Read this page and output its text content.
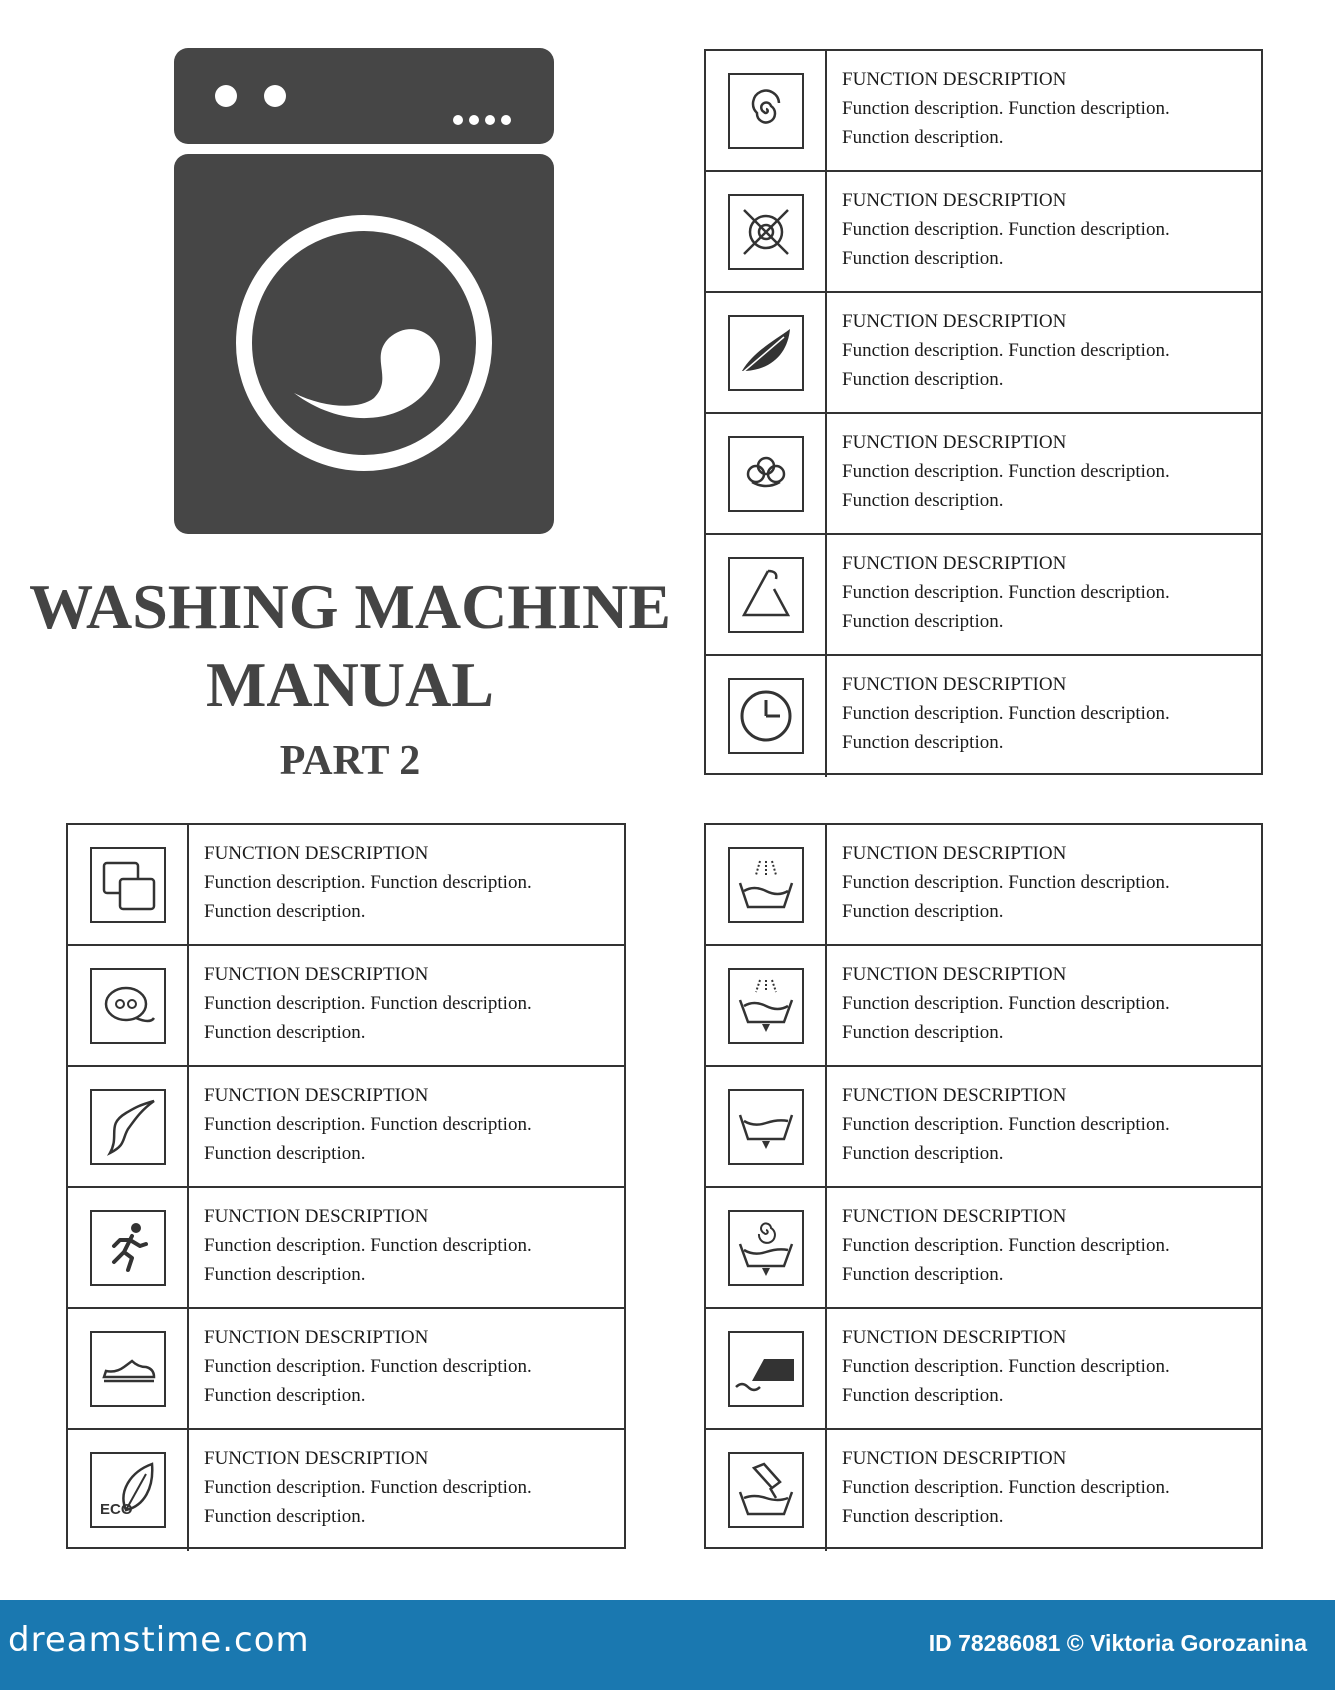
WASHING MACHINE
MANUAL
PART 2
FUNCTION DESCRIPTION
Function description. Function description.
Function description.
FUNCTION DESCRIPTION
Function description. Function description.
Function description.
FUNCTION DESCRIPTION
Function description. Function description.
Function description.
FUNCTION DESCRIPTION
Function description. Function description.
Function description.
FUNCTION DESCRIPTION
Function description. Function description.
Function description.
FUNCTION DESCRIPTION
Function description. Function description.
Function description.
FUNCTION DESCRIPTION
Function description. Function description.
Function description.
FUNCTION DESCRIPTION
Function description. Function description.
Function description.
FUNCTION DESCRIPTION
Function description. Function description.
Function description.
FUNCTION DESCRIPTION
Function description. Function description.
Function description.
FUNCTION DESCRIPTION
Function description. Function description.
Function description.
ECO
FUNCTION DESCRIPTION
Function description. Function description.
Function description.
FUNCTION DESCRIPTION
Function description. Function description.
Function description.
FUNCTION DESCRIPTION
Function description. Function description.
Function description.
FUNCTION DESCRIPTION
Function description. Function description.
Function description.
FUNCTION DESCRIPTION
Function description. Function description.
Function description.
FUNCTION DESCRIPTION
Function description. Function description.
Function description.
FUNCTION DESCRIPTION
Function description. Function description.
Function description.
dreamstime.com	ID 78286081 © Viktoria Gorozanina
